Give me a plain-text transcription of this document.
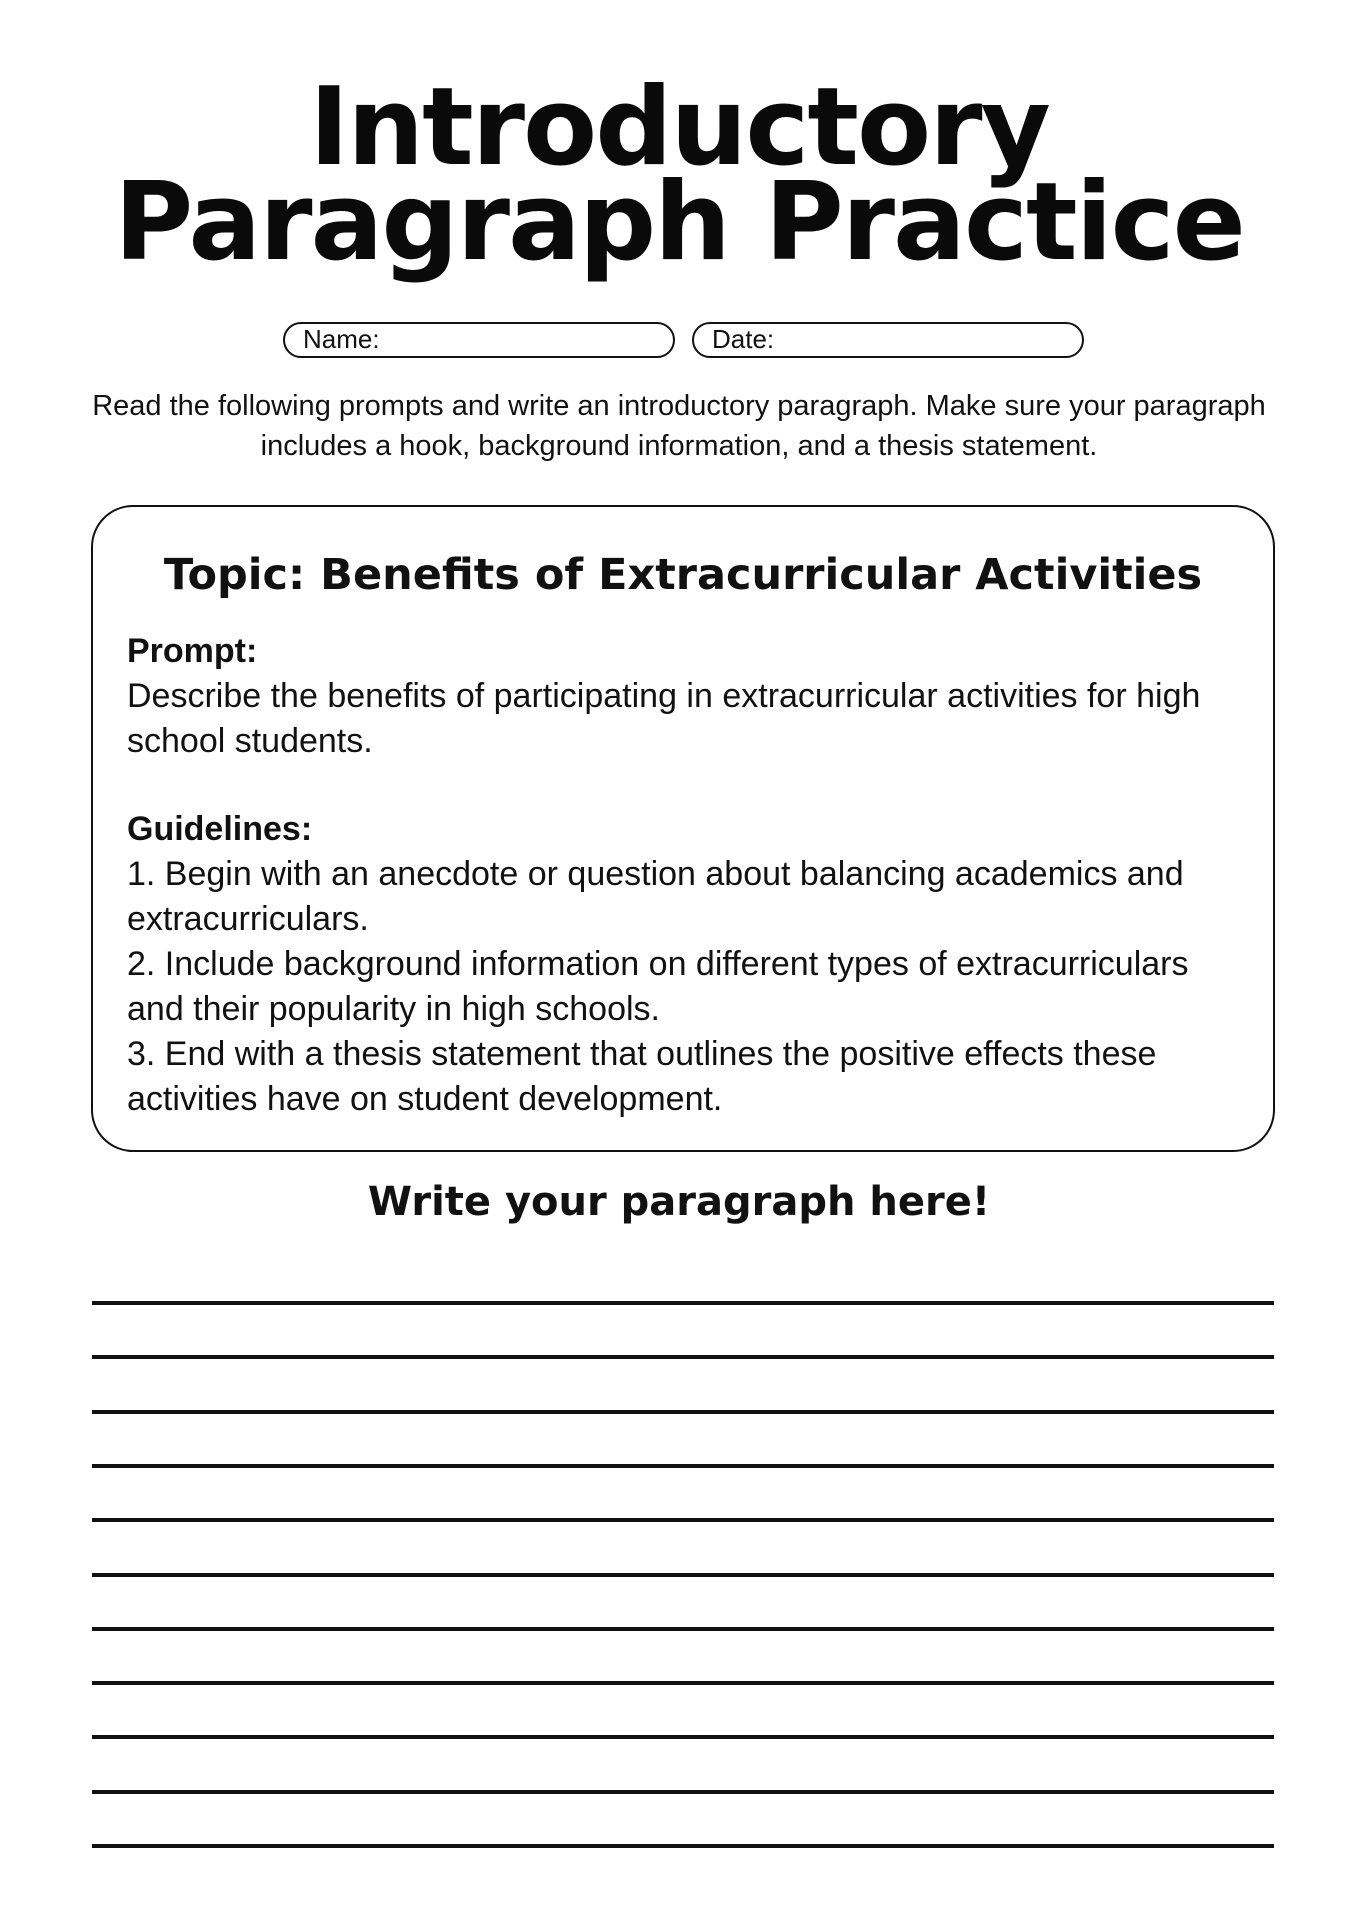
Introductory
Paragraph Practice
Name:	Date:

Read the following prompts and write an introductory paragraph. Make sure your paragraph includes a hook, background information, and a thesis statement.

Topic: Benefits of Extracurricular Activities
Prompt:
Describe the benefits of participating in extracurricular activities for high school students.
Guidelines:
1. Begin with an anecdote or question about balancing academics and extracurriculars.
2. Include background information on different types of extracurriculars and their popularity in high schools.
3. End with a thesis statement that outlines the positive effects these activities have on student development.
Write your paragraph here!
